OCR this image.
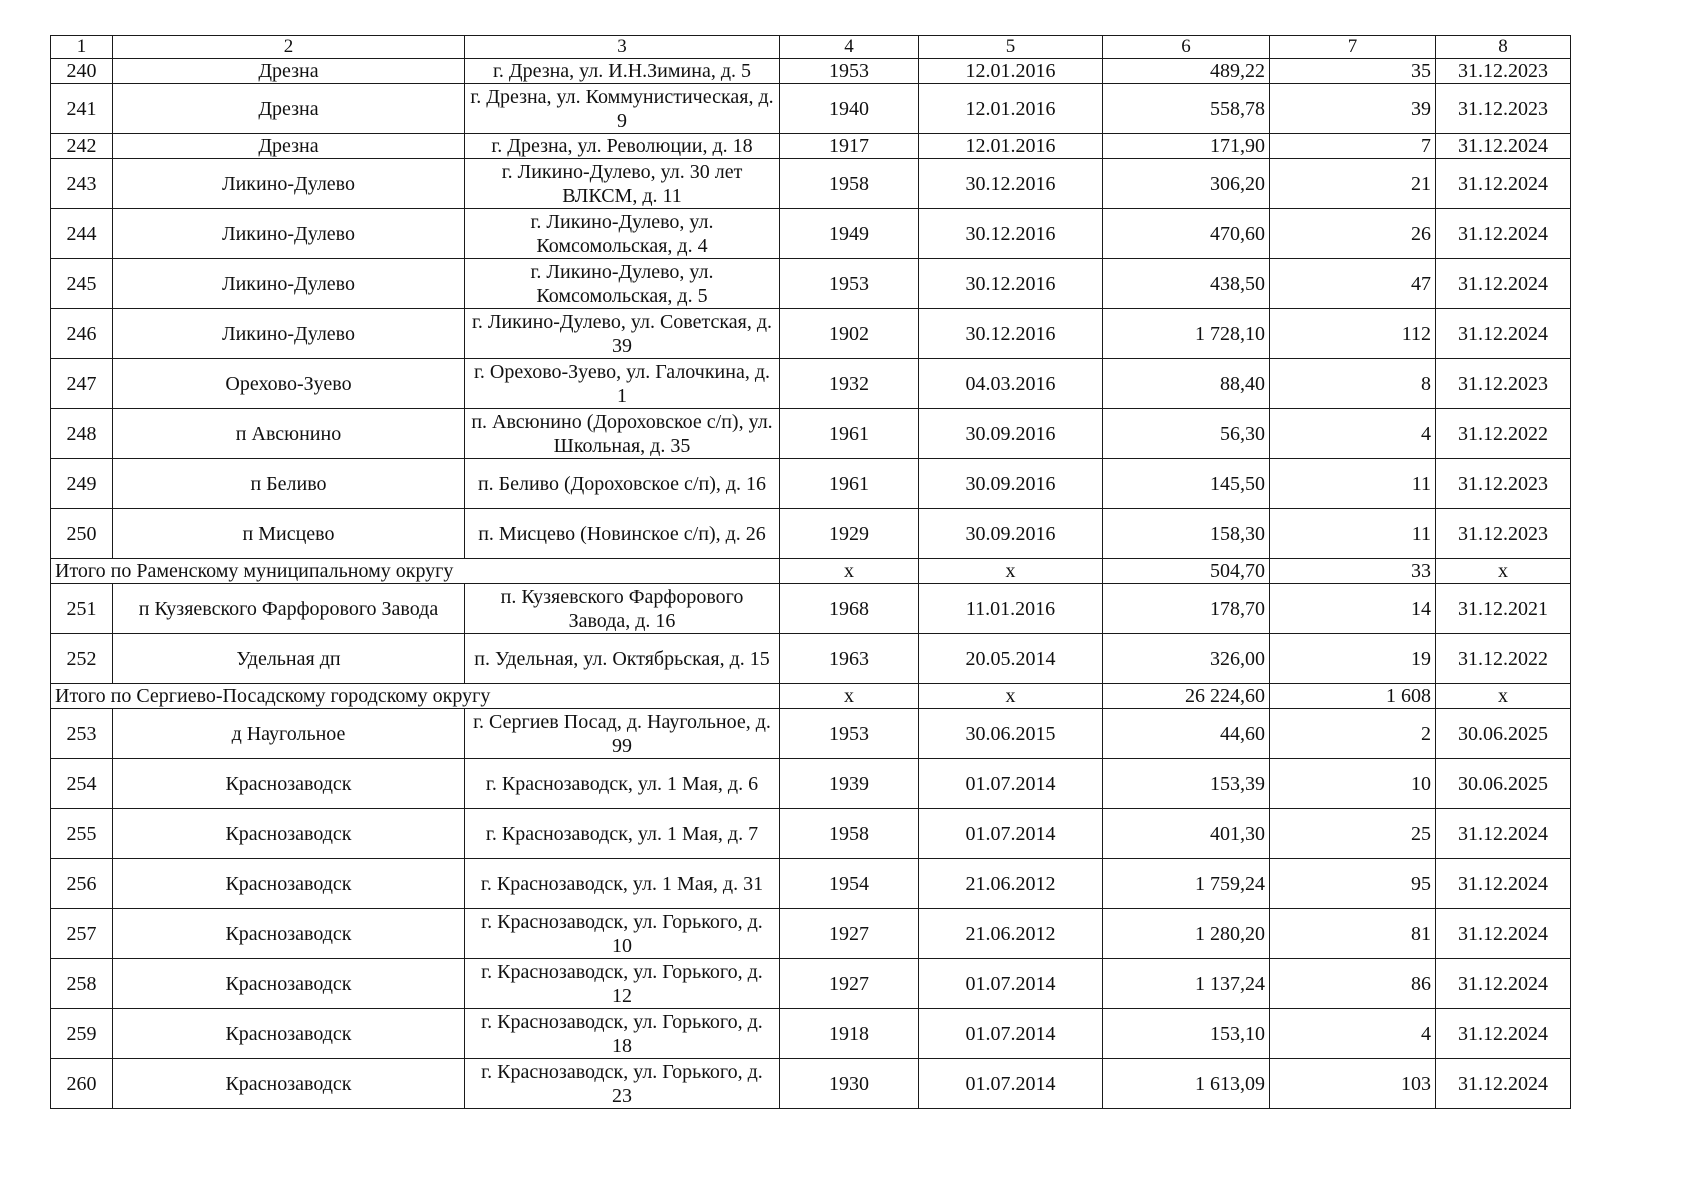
1	2	3	4	5	6	7	8
240	Дрезна	г. Дрезна, ул. И.Н.Зимина, д. 5	1953	12.01.2016	489,22	35	31.12.2023
241	Дрезна	г. Дрезна, ул. Коммунистическая, д. 9	1940	12.01.2016	558,78	39	31.12.2023
242	Дрезна	г. Дрезна, ул. Революции, д. 18	1917	12.01.2016	171,90	7	31.12.2024
243	Ликино-Дулево	г. Ликино-Дулево, ул. 30 лет ВЛКСМ, д. 11	1958	30.12.2016	306,20	21	31.12.2024
244	Ликино-Дулево	г. Ликино-Дулево, ул. Комсомольская, д. 4	1949	30.12.2016	470,60	26	31.12.2024
245	Ликино-Дулево	г. Ликино-Дулево, ул. Комсомольская, д. 5	1953	30.12.2016	438,50	47	31.12.2024
246	Ликино-Дулево	г. Ликино-Дулево, ул. Советская, д. 39	1902	30.12.2016	1 728,10	112	31.12.2024
247	Орехово-Зуево	г. Орехово-Зуево, ул. Галочкина, д. 1	1932	04.03.2016	88,40	8	31.12.2023
248	п Авсюнино	п. Авсюнино (Дороховское с/п), ул. Школьная, д. 35	1961	30.09.2016	56,30	4	31.12.2022
249	п Беливо	п. Беливо (Дороховское с/п), д. 16	1961	30.09.2016	145,50	11	31.12.2023
250	п Мисцево	п. Мисцево (Новинское с/п), д. 26	1929	30.09.2016	158,30	11	31.12.2023
Итого по Раменскому муниципальному округу			x	x	504,70	33	x
251	п Кузяевского Фарфорового Завода	п. Кузяевского Фарфорового Завода, д. 16	1968	11.01.2016	178,70	14	31.12.2021
252	Удельная дп	п. Удельная, ул. Октябрьская, д. 15	1963	20.05.2014	326,00	19	31.12.2022
Итого по Сергиево-Посадскому городскому округу			x	x	26 224,60	1 608	x
253	д Наугольное	г. Сергиев Посад, д. Наугольное, д. 99	1953	30.06.2015	44,60	2	30.06.2025
254	Краснозаводск	г. Краснозаводск, ул. 1 Мая, д. 6	1939	01.07.2014	153,39	10	30.06.2025
255	Краснозаводск	г. Краснозаводск, ул. 1 Мая, д. 7	1958	01.07.2014	401,30	25	31.12.2024
256	Краснозаводск	г. Краснозаводск, ул. 1 Мая, д. 31	1954	21.06.2012	1 759,24	95	31.12.2024
257	Краснозаводск	г. Краснозаводск, ул. Горького, д. 10	1927	21.06.2012	1 280,20	81	31.12.2024
258	Краснозаводск	г. Краснозаводск, ул. Горького, д. 12	1927	01.07.2014	1 137,24	86	31.12.2024
259	Краснозаводск	г. Краснозаводск, ул. Горького, д. 18	1918	01.07.2014	153,10	4	31.12.2024
260	Краснозаводск	г. Краснозаводск, ул. Горького, д. 23	1930	01.07.2014	1 613,09	103	31.12.2024
